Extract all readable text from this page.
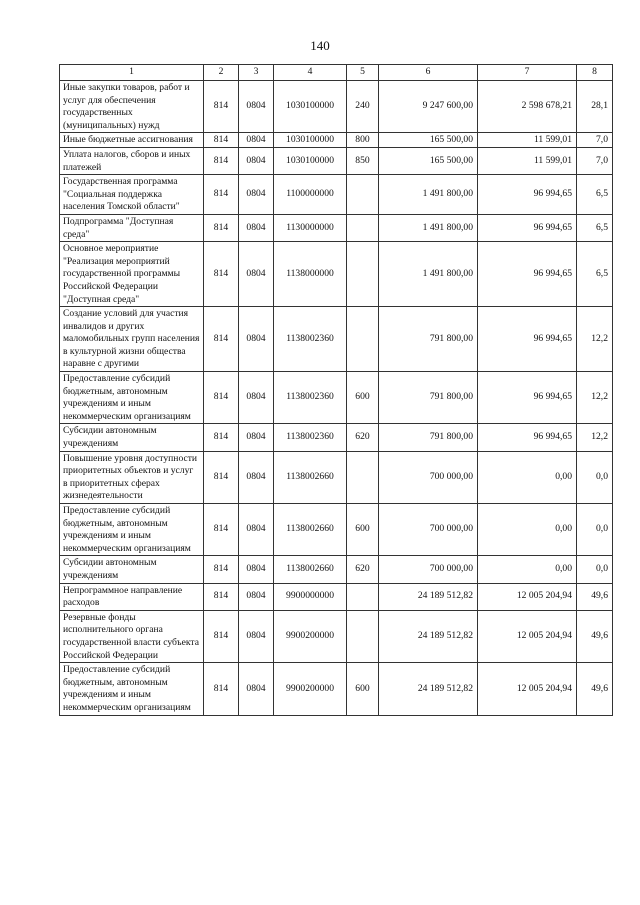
140
1	2	3	4	5	6	7	8
Иные закупки товаров, работ и услуг для обеспечения государственных (муниципальных) нужд	814	0804	1030100000	240	9 247 600,00	2 598 678,21	28,1
Иные бюджетные ассигнования	814	0804	1030100000	800	165 500,00	11 599,01	7,0
Уплата налогов, сборов и иных платежей	814	0804	1030100000	850	165 500,00	11 599,01	7,0
Государственная программа "Социальная поддержка населения Томской области"	814	0804	1100000000		1 491 800,00	96 994,65	6,5
Подпрограмма "Доступная среда"	814	0804	1130000000		1 491 800,00	96 994,65	6,5
Основное мероприятие "Реализация мероприятий государственной программы Российской Федерации "Доступная среда"	814	0804	1138000000		1 491 800,00	96 994,65	6,5
Создание условий для участия инвалидов и других маломобильных групп населения в культурной жизни общества наравне с другими	814	0804	1138002360		791 800,00	96 994,65	12,2
Предоставление субсидий бюджетным, автономным учреждениям и иным некоммерческим организациям	814	0804	1138002360	600	791 800,00	96 994,65	12,2
Субсидии автономным учреждениям	814	0804	1138002360	620	791 800,00	96 994,65	12,2
Повышение уровня доступности приоритетных объектов и услуг в приоритетных сферах жизнедеятельности	814	0804	1138002660		700 000,00	0,00	0,0
Предоставление субсидий бюджетным, автономным учреждениям и иным некоммерческим организациям	814	0804	1138002660	600	700 000,00	0,00	0,0
Субсидии автономным учреждениям	814	0804	1138002660	620	700 000,00	0,00	0,0
Непрограммное направление расходов	814	0804	9900000000		24 189 512,82	12 005 204,94	49,6
Резервные фонды исполнительного органа государственной власти субъекта Российской Федерации	814	0804	9900200000		24 189 512,82	12 005 204,94	49,6
Предоставление субсидий бюджетным, автономным учреждениям и иным некоммерческим организациям	814	0804	9900200000	600	24 189 512,82	12 005 204,94	49,6
